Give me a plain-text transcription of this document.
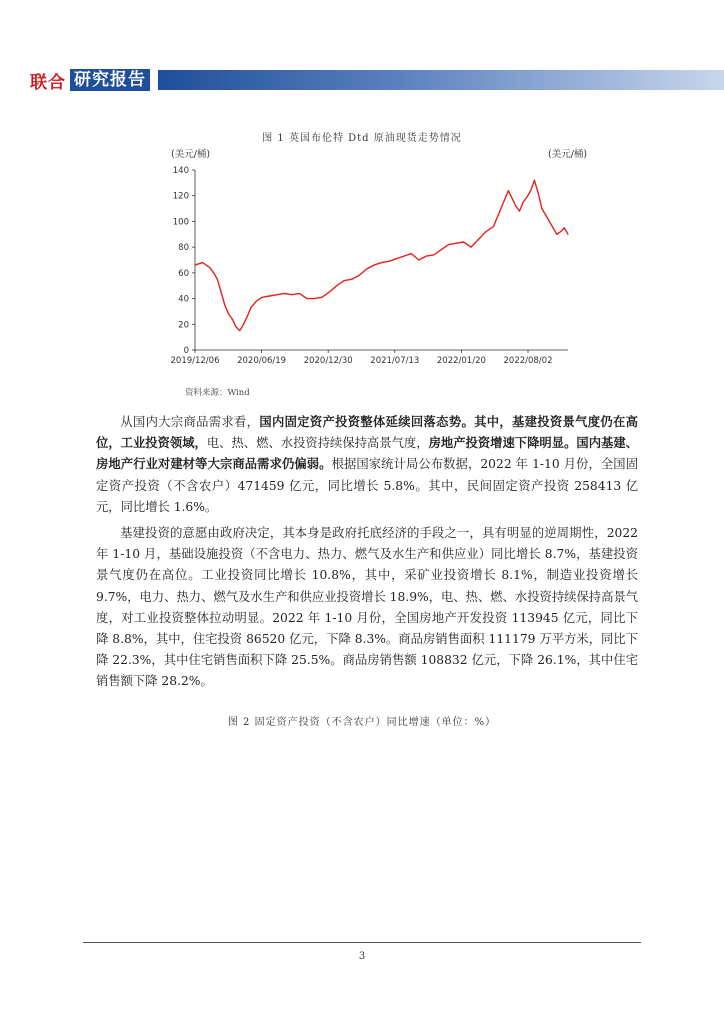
联合 研究报告
图 1 英国布伦特 Dtd 原油现货走势情况
(美元/桶)	(美元/桶)
0
20
40
60
80
100
120
140
2019/12/06 2020/06/19 2020/12/30 2021/07/13 2022/01/20 2022/08/02
资料来源：Wind
从国内大宗商品需求看，国内固定资产投资整体延续回落态势。其中，基建投资景气度仍在高位，工业投资领域，电、热、燃、水投资持续保持高景气度，房地产投资增速下降明显。国内基建、房地产行业对建材等大宗商品需求仍偏弱。根据国家统计局公布数据，2022 年 1-10 月份，全国固定资产投资（不含农户）471459 亿元，同比增长 5.8%。其中，民间固定资产投资 258413 亿元，同比增长 1.6%。
基建投资的意愿由政府决定，其本身是政府托底经济的手段之一，具有明显的逆周期性，2022 年 1-10 月，基础设施投资（不含电力、热力、燃气及水生产和供应业）同比增长 8.7%，基建投资景气度仍在高位。工业投资同比增长 10.8%，其中，采矿业投资增长 8.1%，制造业投资增长 9.7%，电力、热力、燃气及水生产和供应业投资增长 18.9%，电、热、燃、水投资持续保持高景气度，对工业投资整体拉动明显。2022 年 1-10 月份，全国房地产开发投资 113945 亿元，同比下降 8.8%，其中，住宅投资 86520 亿元，下降 8.3%。商品房销售面积 111179 万平方米，同比下降 22.3%，其中住宅销售面积下降 25.5%。商品房销售额 108832 亿元，下降 26.1%，其中住宅销售额下降 28.2%。
图 2 固定资产投资（不含农户）同比增速（单位：%）
3
